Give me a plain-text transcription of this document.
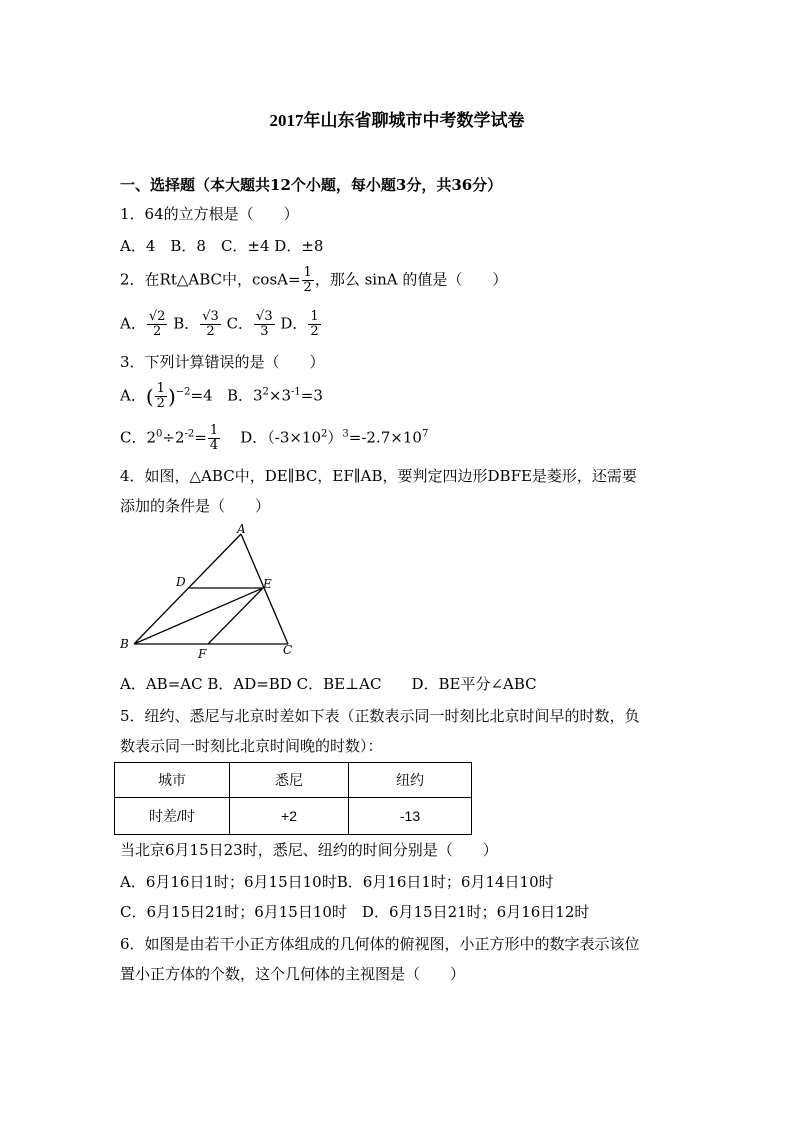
2017年山东省聊城市中考数学试卷
一、选择题（本大题共12个小题，每小题3分，共36分）
1．64的立方根是（　　）
A．4　B．8　C．±4 D．±8
2．在Rt△ABC中，$\cos A= \frac{1}{2}$ ，那么 sinA 的值是（　　）
A． $\frac{√2}{2}$ B． $\frac{√3}{2}$ C． $\frac{√3}{3}$ D． $\frac{1}{2}$
3．下列计算错误的是（　　）
A．( $\frac{1}{2} )^{-2}=4$ B．$3^2\times 3^{-1}=3$
C．$2^0\div 2^{-2}= \frac{1}{4}$ D．$(-3\times 10^2)^3=-2.7\times 10^7$
4．如图，△ABC中，DE∥BC，EF∥AB，要判定四边形DBFE是菱形，还需要
添加的条件是（　　）
A
B	C
D	E
F
A．AB=AC B．AD=BD C．BE⊥AC　　D．BE平分∠ABC
5．纽约、悉尼与北京时差如下表（正数表示同一时刻比北京时间早的时数，负
数表示同一时刻比北京时间晚的时数）：
城市	悉尼	纽约
时差/时	+2	-13
当北京6月15日23时，悉尼、纽约的时间分别是（　　）
A．6月16日1时；6月15日10时B．6月16日1时；6月14日10时
C．6月15日21时；6月15日10时　D．6月15日21时；6月16日12时
6．如图是由若干小正方体组成的几何体的俯视图，小正方形中的数字表示该位
置小正方体的个数，这个几何体的主视图是（　　）
